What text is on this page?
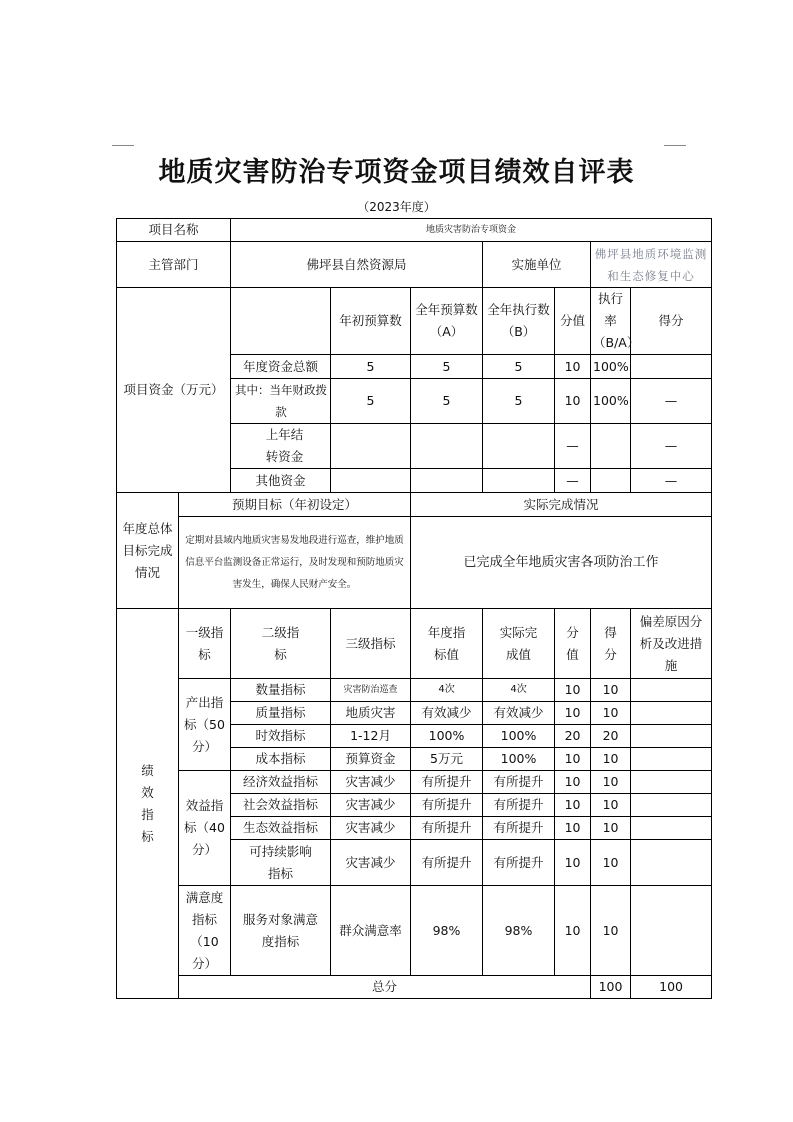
地质灾害防治专项资金项目绩效自评表
（2023年度）
项目名称		地质灾害防治专项资金							
主管部门		佛坪县自然资源局			实施单位		佛坪县地质环境监测和生态修复中心		
项目资金（万元）			年初预算数	全年预算数（A）	全年执行数（B）	分值	执行率（B/A）	得分	
		年度资金总额	5	5	5	10	100%		
		其中：当年财政拨款	5	5	5	10	100%	—	
		上年结转资金				—		—	
		其他资金				—		—	
年度总体目标完成情况	预期目标（年初设定）			实际完成情况					
	定期对县域内地质灾害易发地段进行巡查，维护地质信息平台监测设备正常运行，及时发现和预防地质灾害发生，确保人民财产安全。			已完成全年地质灾害各项防治工作					
绩效指标	一级指标	二级指标	三级指标	年度指标值	实际完成值	分值	得分	偏差原因分析及改进措施	
	产出指标（50分）	数量指标	灾害防治巡查	4次	4次	10	10		
		质量指标	地质灾害	有效减少	有效减少	10	10		
		时效指标	1-12月	100%	100%	20	20		
		成本指标	预算资金	5万元	100%	10	10		
	效益指标（40分）	经济效益指标	灾害减少	有所提升	有所提升	10	10		
		社会效益指标	灾害减少	有所提升	有所提升	10	10		
		生态效益指标	灾害减少	有所提升	有所提升	10	10		
		可持续影响指标	灾害减少	有所提升	有所提升	10	10		
	满意度指标（10分）	服务对象满意度指标	群众满意率	98%	98%	10	10		
	总分						100	100	
